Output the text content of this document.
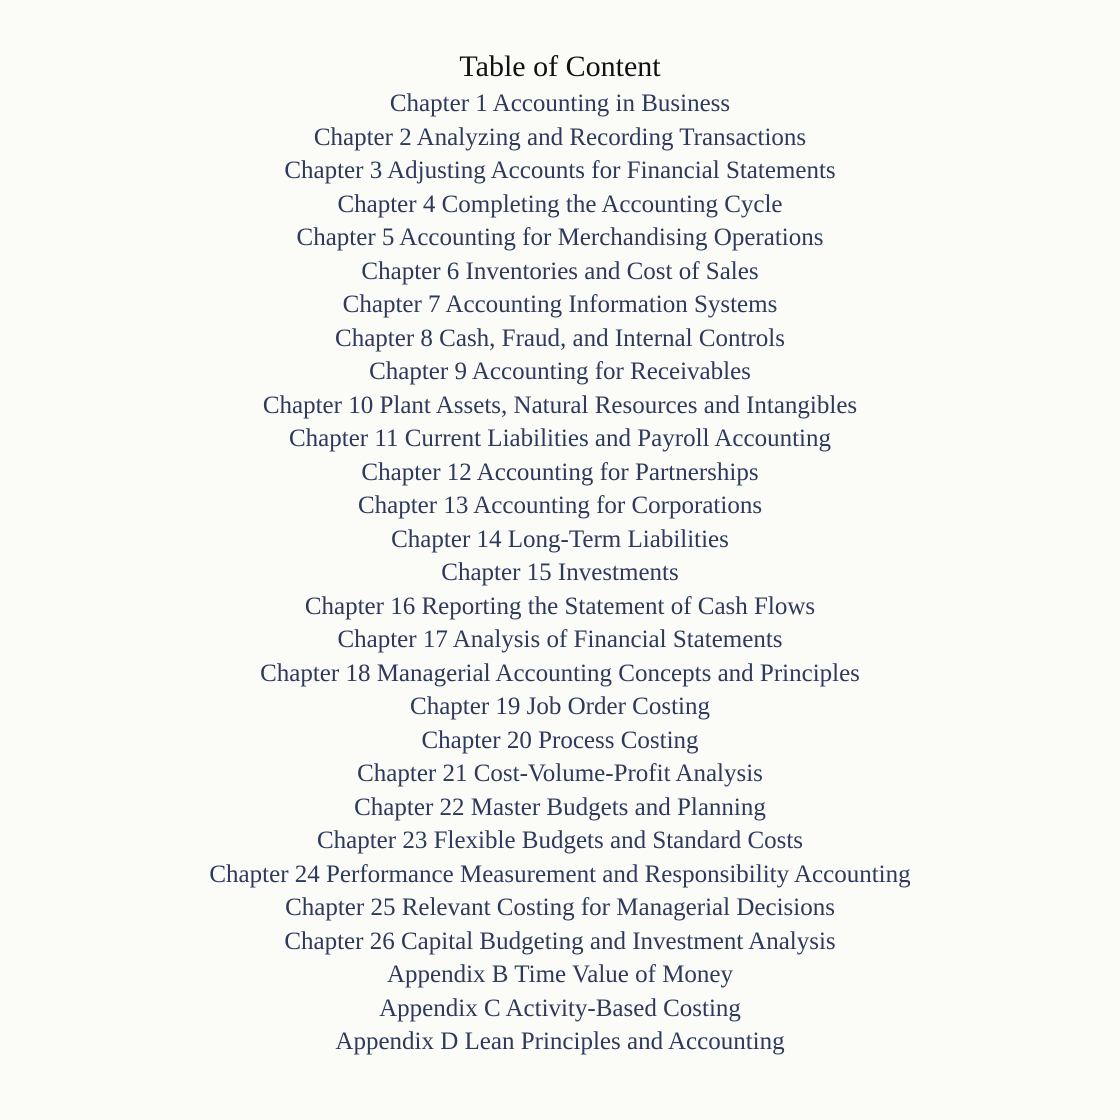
Table of Content
Chapter 1 Accounting in Business
Chapter 2 Analyzing and Recording Transactions
Chapter 3 Adjusting Accounts for Financial Statements
Chapter 4 Completing the Accounting Cycle
Chapter 5 Accounting for Merchandising Operations
Chapter 6 Inventories and Cost of Sales
Chapter 7 Accounting Information Systems
Chapter 8 Cash, Fraud, and Internal Controls
Chapter 9 Accounting for Receivables
Chapter 10 Plant Assets, Natural Resources and Intangibles
Chapter 11 Current Liabilities and Payroll Accounting
Chapter 12 Accounting for Partnerships
Chapter 13 Accounting for Corporations
Chapter 14 Long-Term Liabilities
Chapter 15 Investments
Chapter 16 Reporting the Statement of Cash Flows
Chapter 17 Analysis of Financial Statements
Chapter 18 Managerial Accounting Concepts and Principles
Chapter 19 Job Order Costing
Chapter 20 Process Costing
Chapter 21 Cost-Volume-Profit Analysis
Chapter 22 Master Budgets and Planning
Chapter 23 Flexible Budgets and Standard Costs
Chapter 24 Performance Measurement and Responsibility Accounting
Chapter 25 Relevant Costing for Managerial Decisions
Chapter 26 Capital Budgeting and Investment Analysis
Appendix B Time Value of Money
Appendix C Activity-Based Costing
Appendix D Lean Principles and Accounting
